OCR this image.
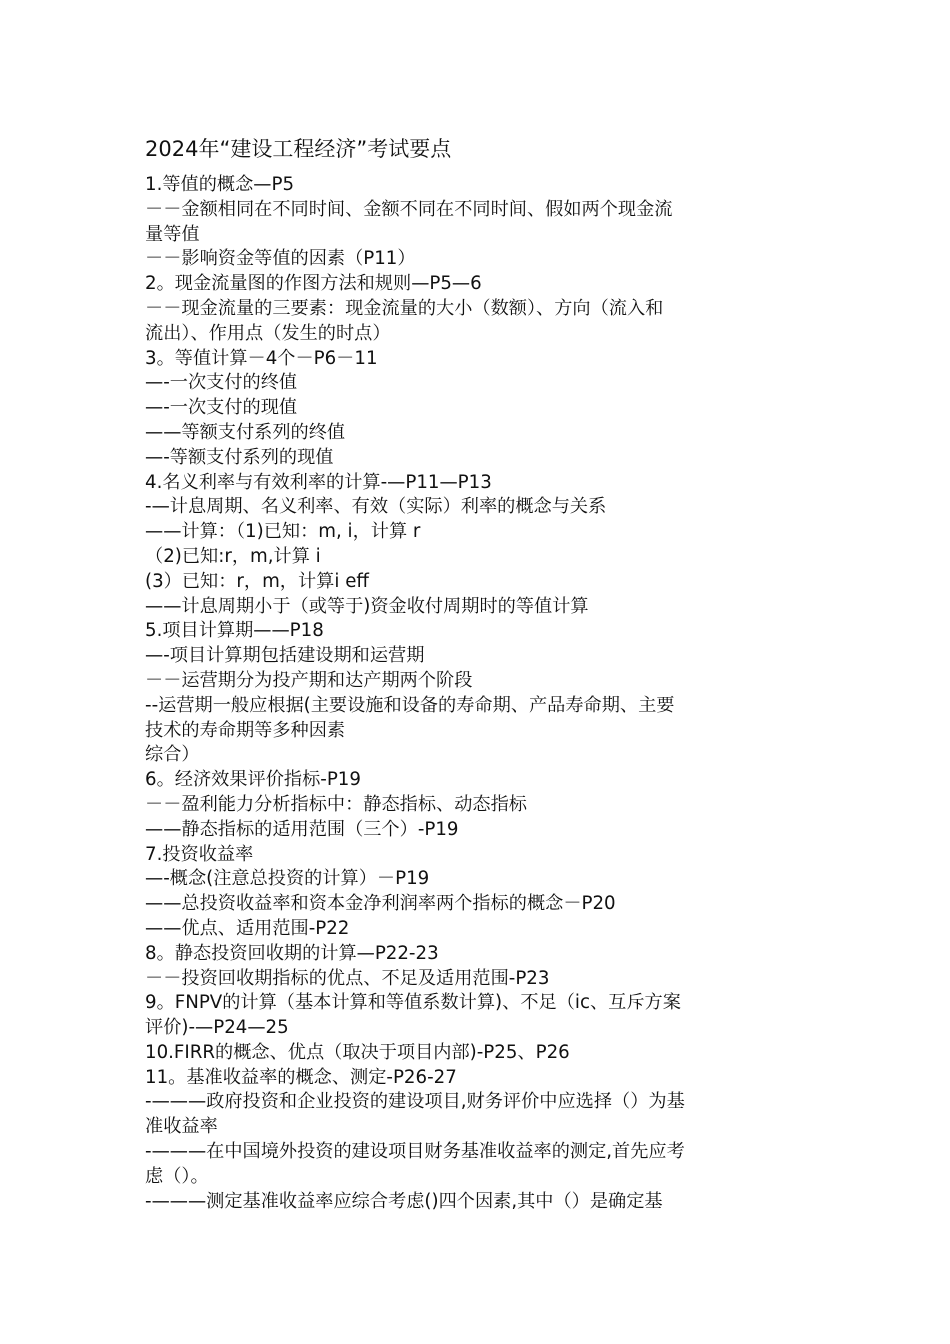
2024年“建设工程经济”考试要点
1.等值的概念—P5
－－金额相同在不同时间、金额不同在不同时间、假如两个现金流
量等值
－－影响资金等值的因素（P11）
2。现金流量图的作图方法和规则—P5—6
－－现金流量的三要素：现金流量的大小（数额）、方向（流入和
流出）、作用点（发生的时点）
3。等值计算－4个－P6－11
—-一次支付的终值
—-一次支付的现值
——等额支付系列的终值
—-等额支付系列的现值
4.名义利率与有效利率的计算-—P11—P13
-—计息周期、名义利率、有效（实际）利率的概念与关系
——计算：（1)已知：m, i，计算 r
（2)已知:r，m,计算 i
(3）已知：r，m，计算i eff
——计息周期小于（或等于)资金收付周期时的等值计算
5.项目计算期——P18
—-项目计算期包括建设期和运营期
－－运营期分为投产期和达产期两个阶段
--运营期一般应根据(主要设施和设备的寿命期、产品寿命期、主要
技术的寿命期等多种因素
综合）
6。经济效果评价指标-P19
－－盈利能力分析指标中：静态指标、动态指标
——静态指标的适用范围（三个）-P19
7.投资收益率
—-概念(注意总投资的计算）－P19
——总投资收益率和资本金净利润率两个指标的概念－P20
——优点、适用范围-P22
8。静态投资回收期的计算—P22-23
－－投资回收期指标的优点、不足及适用范围-P23
9。FNPV的计算（基本计算和等值系数计算)、不足（ic、互斥方案
评价)-—P24—25
10.FIRR的概念、优点（取决于项目内部)-P25、P26
11。基准收益率的概念、测定-P26-27
-———政府投资和企业投资的建设项目,财务评价中应选择（）为基
准收益率
-———在中国境外投资的建设项目财务基准收益率的测定,首先应考
虑（）。
-———测定基准收益率应综合考虑()四个因素,其中（）是确定基
